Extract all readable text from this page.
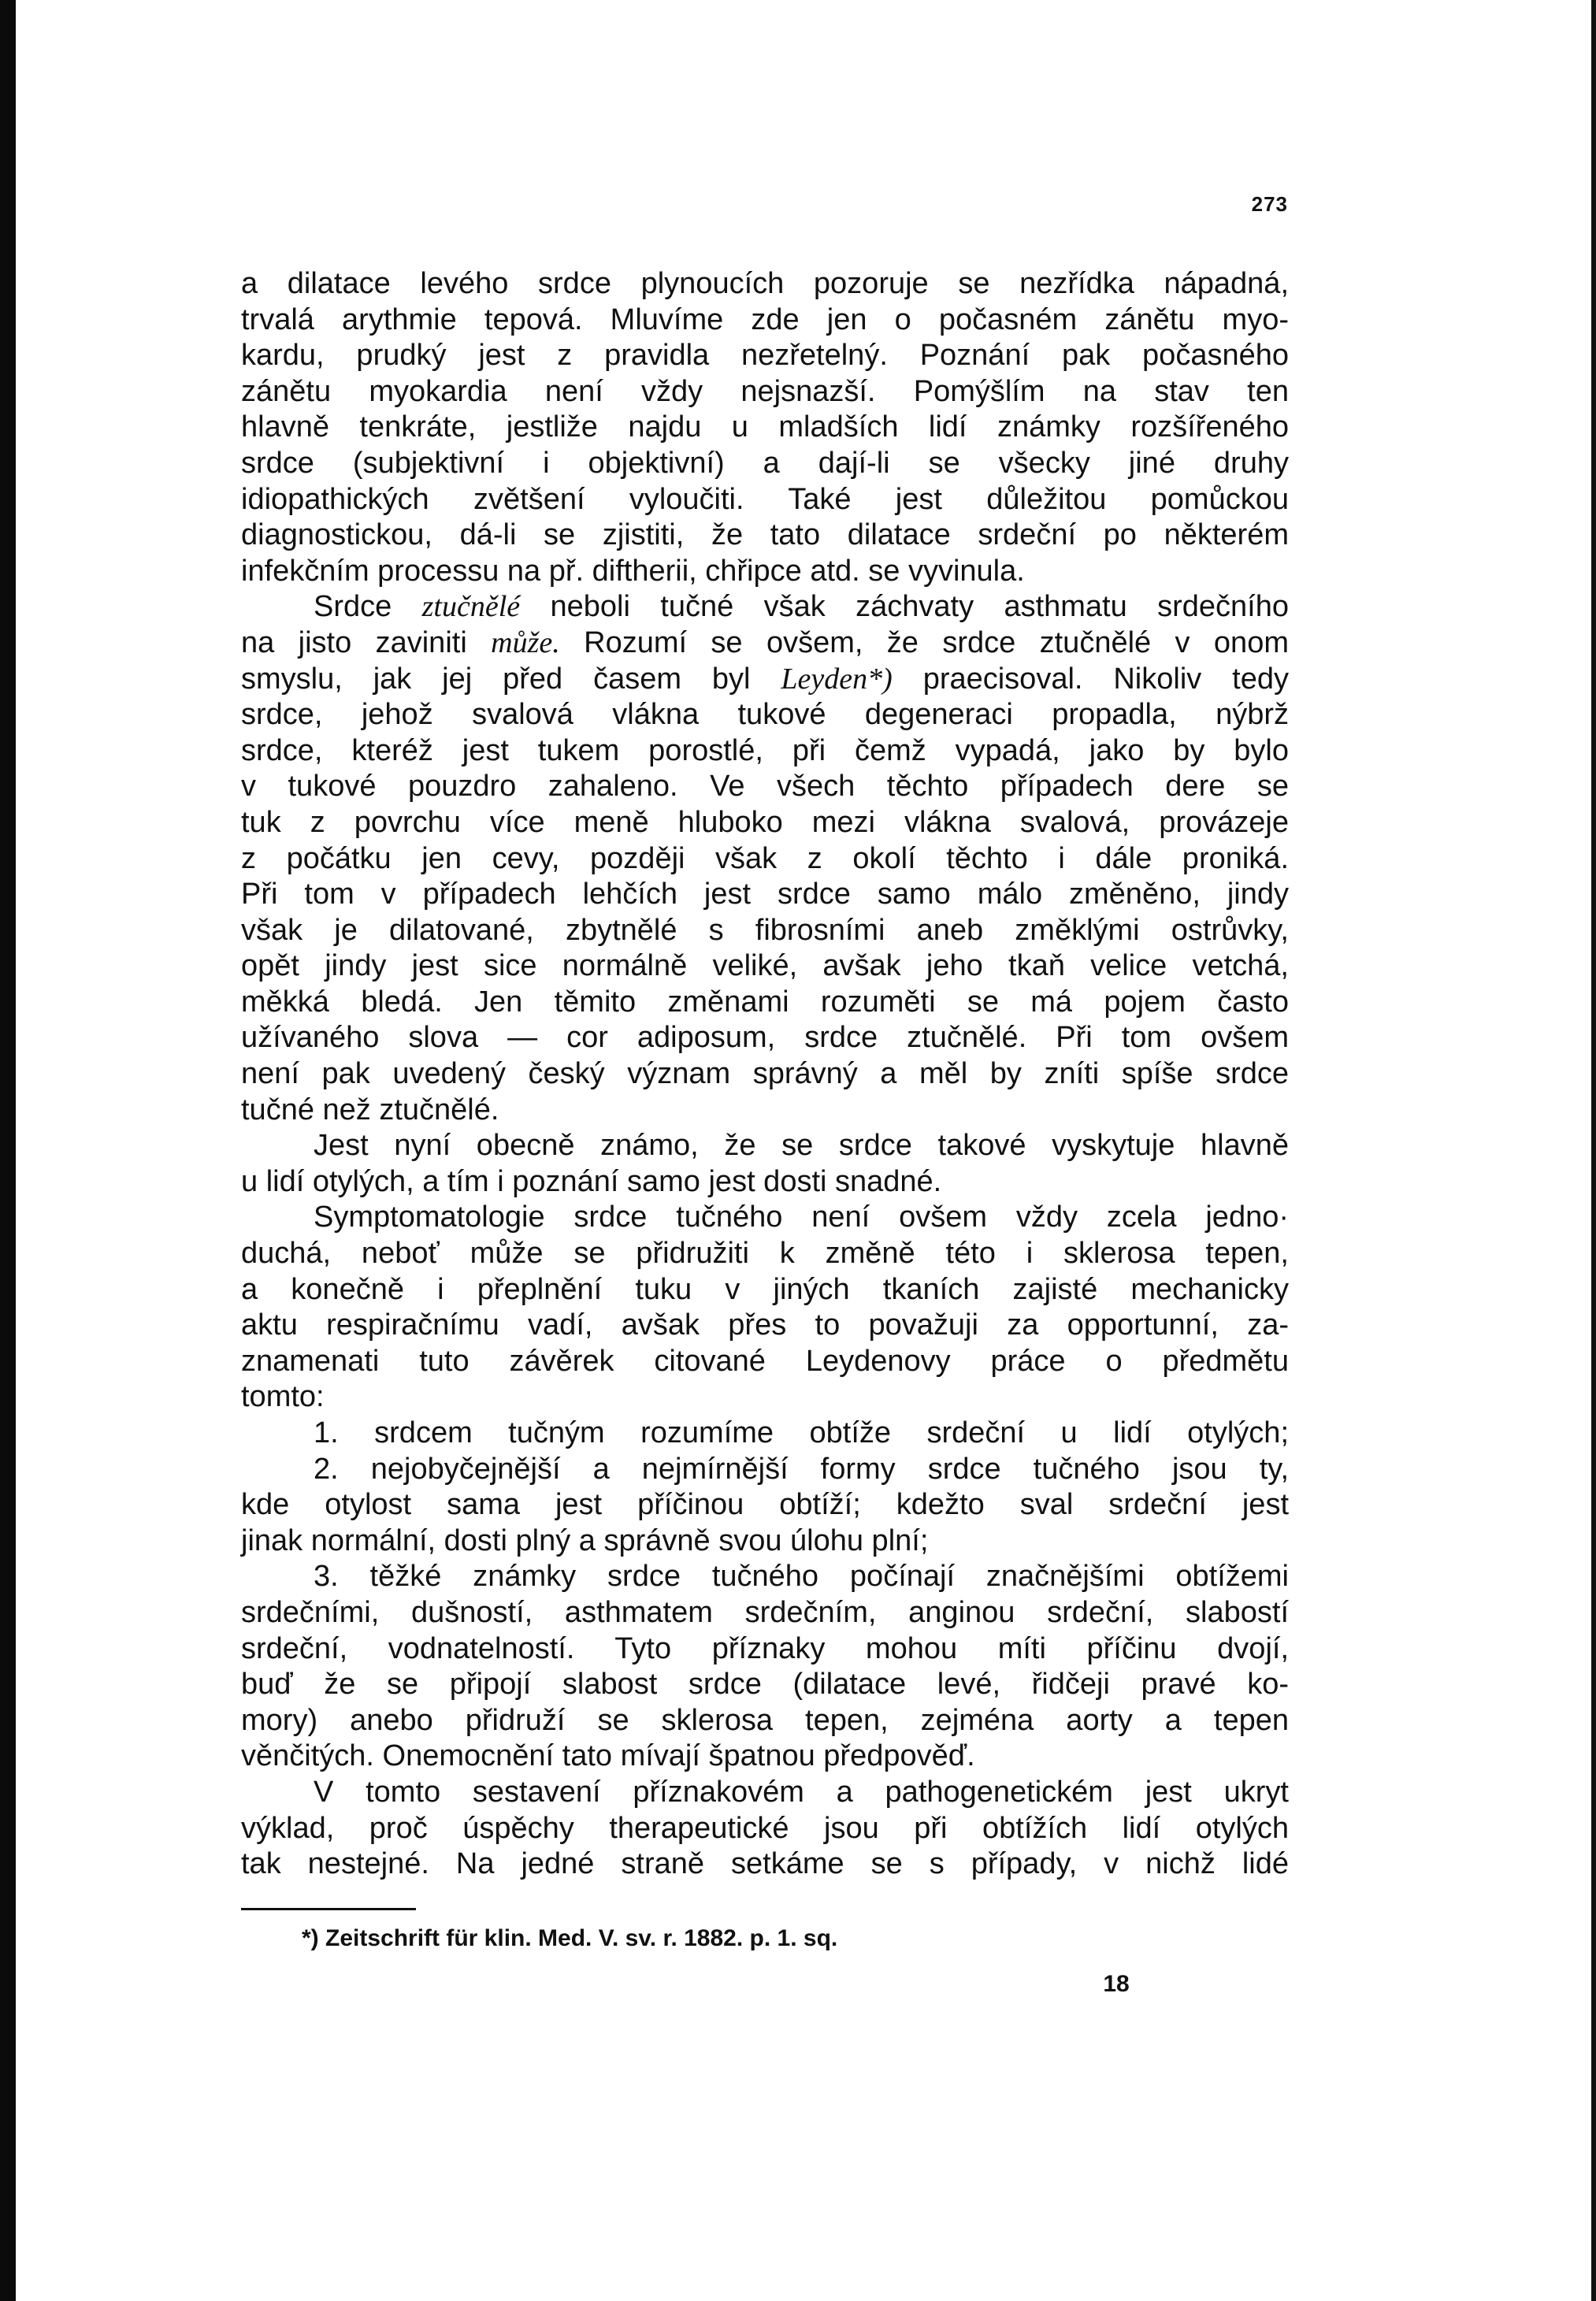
273
a dilatace levého srdce plynoucích pozoruje se nezřídka nápadná,
trvalá arythmie tepová. Mluvíme zde jen o počasném zánětu myo-
kardu, prudký jest z pravidla nezřetelný. Poznání pak počasného
zánětu myokardia není vždy nejsnazší. Pomýšlím na stav ten
hlavně tenkráte, jestliže najdu u mladších lidí známky rozšířeného
srdce (subjektivní i objektivní) a dají-li se všecky jiné druhy
idiopathických zvětšení vyloučiti. Také jest důležitou pomůckou
diagnostickou, dá-li se zjistiti, že tato dilatace srdeční po některém
infekčním processu na př. diftherii, chřipce atd. se vyvinula.
Srdce ztučnělé neboli tučné však záchvaty asthmatu srdečního
na jisto zaviniti může. Rozumí se ovšem, že srdce ztučnělé v onom
smyslu, jak jej před časem byl Leyden*) praecisoval. Nikoliv tedy
srdce, jehož svalová vlákna tukové degeneraci propadla, nýbrž
srdce, kteréž jest tukem porostlé, při čemž vypadá, jako by bylo
v tukové pouzdro zahaleno. Ve všech těchto případech dere se
tuk z povrchu více meně hluboko mezi vlákna svalová, provázeje
z počátku jen cevy, později však z okolí těchto i dále proniká.
Při tom v případech lehčích jest srdce samo málo změněno, jindy
však je dilatované, zbytnělé s fibrosními aneb změklými ostrůvky,
opět jindy jest sice normálně veliké, avšak jeho tkaň velice vetchá,
měkká bledá. Jen těmito změnami rozuměti se má pojem často
užívaného slova — cor adiposum, srdce ztučnělé. Při tom ovšem
není pak uvedený český význam správný a měl by zníti spíše srdce
tučné než ztučnělé.
Jest nyní obecně známo, že se srdce takové vyskytuje hlavně
u lidí otylých, a tím i poznání samo jest dosti snadné.
Symptomatologie srdce tučného není ovšem vždy zcela jedno·
duchá, neboť může se přidružiti k změně této i sklerosa tepen,
a konečně i přeplnění tuku v jiných tkaních zajisté mechanicky
aktu respiračnímu vadí, avšak přes to považuji za opportunní, za-
znamenati tuto závěrek citované Leydenovy práce o předmětu
tomto:
1. srdcem tučným rozumíme obtíže srdeční u lidí otylých;
2. nejobyčejnější a nejmírnější formy srdce tučného jsou ty,
kde otylost sama jest příčinou obtíží; kdežto sval srdeční jest
jinak normální, dosti plný a správně svou úlohu plní;
3. těžké známky srdce tučného počínají značnějšími obtížemi
srdečními, dušností, asthmatem srdečním, anginou srdeční, slabostí
srdeční, vodnatelností. Tyto příznaky mohou míti příčinu dvojí,
buď že se připojí slabost srdce (dilatace levé, řidčeji pravé ko-
mory) anebo přidruží se sklerosa tepen, zejména aorty a tepen
věnčitých. Onemocnění tato mívají špatnou předpověď.
V tomto sestavení příznakovém a pathogenetickém jest ukryt
výklad, proč úspěchy therapeutické jsou při obtížích lidí otylých
tak nestejné. Na jedné straně setkáme se s případy, v nichž lidé
*) Zeitschrift für klin. Med. V. sv. r. 1882. p. 1. sq.
18
